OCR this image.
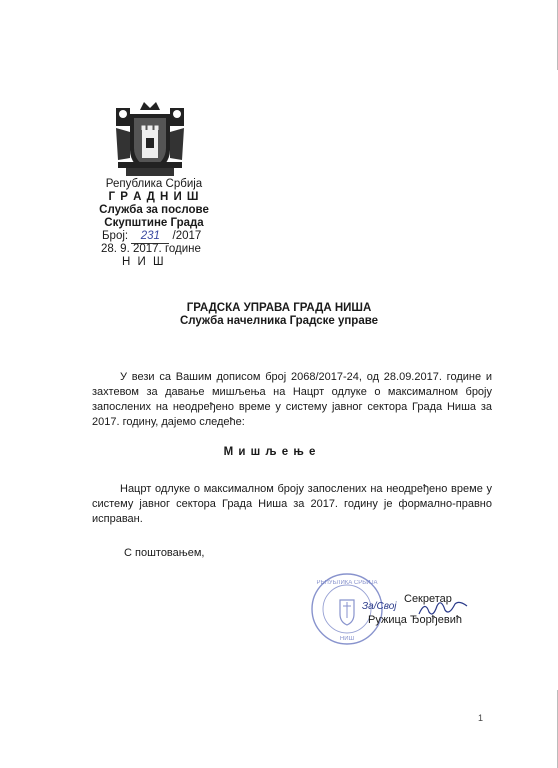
Република Србија
Г Р А Д Н И Ш
Служба за послове
Скупштине Града
Број: 231 /2017
28. 9. 2017. године
Н И Ш
ГРАДСКА УПРАВА ГРАДА НИША
Служба начелника Градске управе
У вези са Вашим дописом број 2068/2017-24, од 28.09.2017. године и захтевом за давање мишљења на Нацрт одлуке о максималном броју запослених на неодређено време у систему јавног сектора Града Ниша за 2017. годину, дајемо следеће:
М и ш љ е њ е
Нацрт одлуке о максималном броју запослених на неодређено време у систему јавног сектора Града Ниша за 2017. годину је формално-правно исправан.
С поштовањем,
РЕПУБЛИКА СРБИЈА
НИШ
За/Свој
Секретар
Ружица Ђорђевић
1
